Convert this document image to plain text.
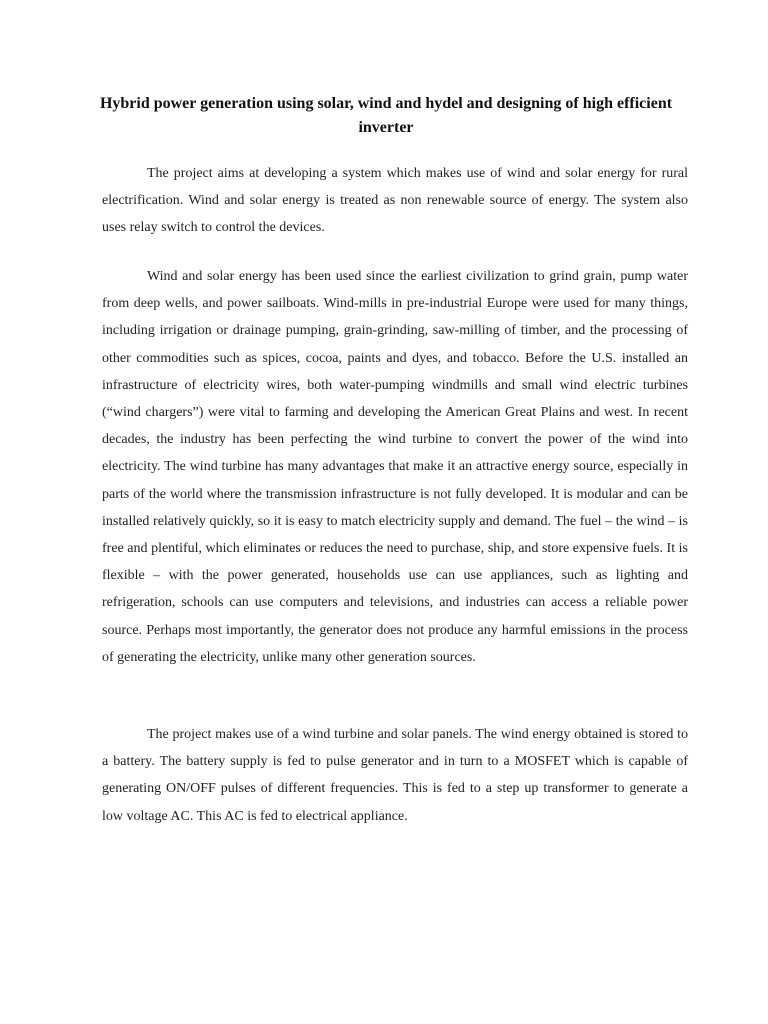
Hybrid power generation using solar, wind and hydel and designing of high efficient inverter

The project aims at developing a system which makes use of wind and solar energy for rural electrification. Wind and solar energy is treated as non renewable source of energy. The system also uses relay switch to control the devices.

Wind and solar energy has been used since the earliest civilization to grind grain, pump water from deep wells, and power sailboats. Wind-mills in pre-industrial Europe were used for many things, including irrigation or drainage pumping, grain-grinding, saw-milling of timber, and the processing of other commodities such as spices, cocoa, paints and dyes, and tobacco. Before the U.S. installed an infrastructure of electricity wires, both water-pumping windmills and small wind electric turbines (“wind chargers”) were vital to farming and developing the American Great Plains and west. In recent decades, the industry has been perfecting the wind turbine to convert the power of the wind into electricity. The wind turbine has many advantages that make it an attractive energy source, especially in parts of the world where the transmission infrastructure is not fully developed. It is modular and can be installed relatively quickly, so it is easy to match electricity supply and demand. The fuel – the wind – is free and plentiful, which eliminates or reduces the need to purchase, ship, and store expensive fuels. It is flexible – with the power generated, households use can use appliances, such as lighting and refrigeration, schools can use computers and televisions, and industries can access a reliable power source. Perhaps most importantly, the generator does not produce any harmful emissions in the process of generating the electricity, unlike many other generation sources.

The project makes use of a wind turbine and solar panels. The wind energy obtained is stored to a battery. The battery supply is fed to pulse generator and in turn to a MOSFET which is capable of generating ON/OFF pulses of different frequencies. This is fed to a step up transformer to generate a low voltage AC. This AC is fed to electrical appliance.
